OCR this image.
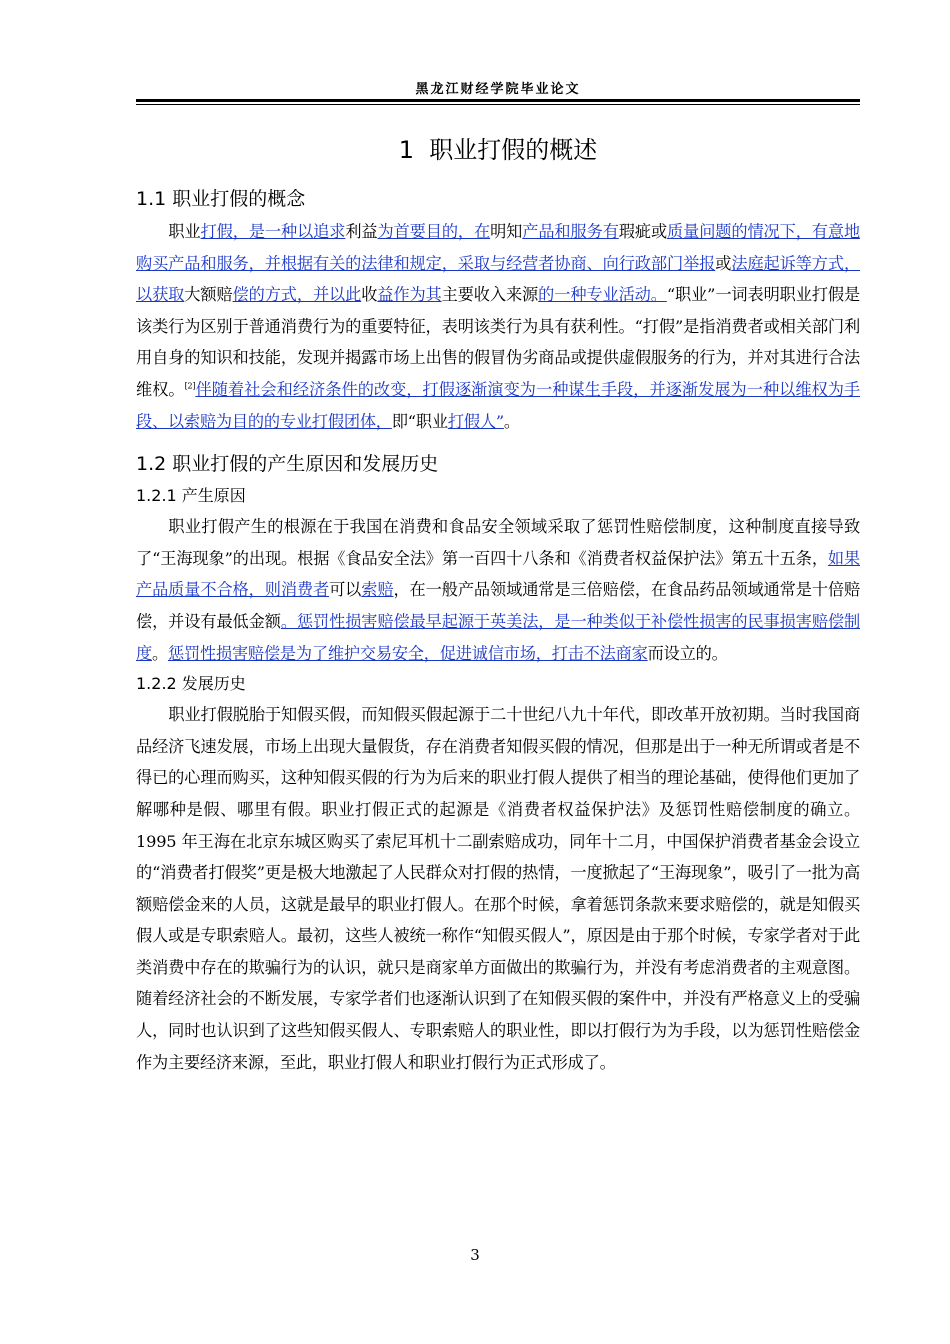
黑龙江财经学院毕业论文
1 职业打假的概述
1.1 职业打假的概念

职业打假，是一种以追求利益为首要目的，在明知产品和服务有瑕疵或质量问题的情况下，有意地购买产品和服务，并根据有关的法律和规定，采取与经营者协商、向行政部门举报或法庭起诉等方式，以获取大额赔偿的方式，并以此收益作为其主要收入来源的一种专业活动。“职业”一词表明职业打假是该类行为区别于普通消费行为的重要特征，表明该类行为具有获利性。“打假”是指消费者或相关部门利用自身的知识和技能，发现并揭露市场上出售的假冒伪劣商品或提供虚假服务的行为，并对其进行合法维权。[2]伴随着社会和经济条件的改变，打假逐渐演变为一种谋生手段，并逐渐发展为一种以维权为手段、以索赔为目的的专业打假团体，即“职业打假人”。

1.2 职业打假的产生原因和发展历史
1.2.1 产生原因

职业打假产生的根源在于我国在消费和食品安全领域采取了惩罚性赔偿制度，这种制度直接导致了“王海现象”的出现。根据《食品安全法》第一百四十八条和《消费者权益保护法》第五十五条，如果产品质量不合格，则消费者可以索赔，在一般产品领域通常是三倍赔偿，在食品药品领域通常是十倍赔偿，并设有最低金额。惩罚性损害赔偿最早起源于英美法，是一种类似于补偿性损害的民事损害赔偿制度。惩罚性损害赔偿是为了维护交易安全，促进诚信市场，打击不法商家而设立的。

1.2.2 发展历史

职业打假脱胎于知假买假，而知假买假起源于二十世纪八九十年代，即改革开放初期。当时我国商品经济飞速发展，市场上出现大量假货，存在消费者知假买假的情况，但那是出于一种无所谓或者是不得已的心理而购买，这种知假买假的行为为后来的职业打假人提供了相当的理论基础，使得他们更加了解哪种是假、哪里有假。职业打假正式的起源是《消费者权益保护法》及惩罚性赔偿制度的确立。1995 年王海在北京东城区购买了索尼耳机十二副索赔成功，同年十二月，中国保护消费者基金会设立的“消费者打假奖”更是极大地激起了人民群众对打假的热情，一度掀起了“王海现象”，吸引了一批为高额赔偿金来的人员，这就是最早的职业打假人。在那个时候，拿着惩罚条款来要求赔偿的，就是知假买假人或是专职索赔人。最初，这些人被统一称作“知假买假人”，原因是由于那个时候，专家学者对于此类消费中存在的欺骗行为的认识，就只是商家单方面做出的欺骗行为，并没有考虑消费者的主观意图。随着经济社会的不断发展，专家学者们也逐渐认识到了在知假买假的案件中，并没有严格意义上的受骗人，同时也认识到了这些知假买假人、专职索赔人的职业性，即以打假行为为手段，以为惩罚性赔偿金作为主要经济来源，至此，职业打假人和职业打假行为正式形成了。

3
